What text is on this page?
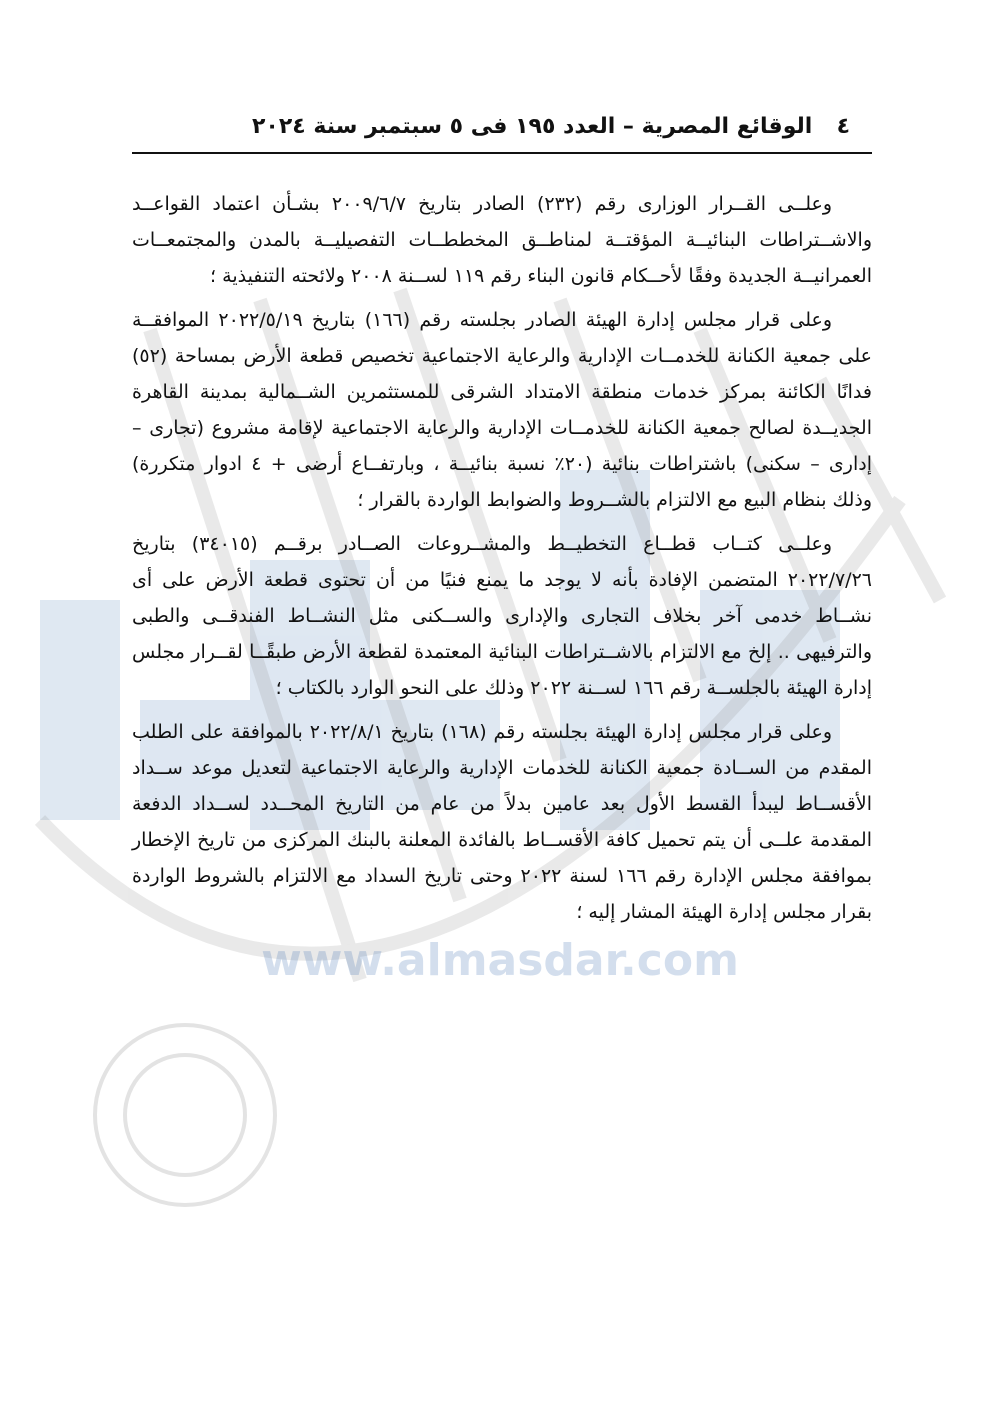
www.almasdar.com
٤
الوقائع المصرية – العدد ١٩٥ فى ٥ سبتمبر سنة ٢٠٢٤

وعلــى القــرار الوزارى رقم (٢٣٢) الصادر بتاريخ ٢٠٠٩/٦/٧ بشـأن اعتماد القواعــد والاشــتراطات البنائيــة المؤقتــة لمناطــق المخططــات التفصيليــة بالمدن والمجتمعــات العمرانيــة الجديدة وفقًا لأحــكام قانون البناء رقم ١١٩ لســنة ٢٠٠٨ ولائحته التنفيذية ؛

وعلى قرار مجلس إدارة الهيئة الصادر بجلسته رقم (١٦٦) بتاريخ ٢٠٢٢/٥/١٩ الموافقــة على جمعية الكنانة للخدمــات الإدارية والرعاية الاجتماعية تخصيص قطعة الأرض بمساحة (٥٢) فدانًا الكائنة بمركز خدمات منطقة الامتداد الشرقى للمستثمرين الشــمالية بمدينة القاهرة الجديــدة لصالح جمعية الكنانة للخدمــات الإدارية والرعاية الاجتماعية لإقامة مشروع (تجارى – إدارى – سكنى) باشتراطات بنائية (٢٠٪ نسبة بنائيــة ، وبارتفــاع أرضى + ٤ ادوار متكررة) وذلك بنظام البيع مع الالتزام بالشــروط والضوابط الواردة بالقرار ؛

وعلــى كتــاب قطــاع التخطيــط والمشــروعات الصــادر برقــم (٣٤٠١٥) بتاريخ ٢٠٢٢/٧/٢٦ المتضمن الإفادة بأنه لا يوجد ما يمنع فنيًا من أن تحتوى قطعة الأرض على أى نشــاط خدمى آخر بخلاف التجارى والإدارى والســكنى مثل النشــاط الفندقــى والطبى والترفيهى .. إلخ مع الالتزام بالاشــتراطات البنائية المعتمدة لقطعة الأرض طبقًــا لقــرار مجلس إدارة الهيئة بالجلســة رقم ١٦٦ لســنة ٢٠٢٢ وذلك على النحو الوارد بالكتاب ؛

وعلى قرار مجلس إدارة الهيئة بجلسته رقم (١٦٨) بتاريخ ٢٠٢٢/٨/١ بالموافقة على الطلب المقدم من الســادة جمعية الكنانة للخدمات الإدارية والرعاية الاجتماعية لتعديل موعد ســداد الأقســاط ليبدأ القسط الأول بعد عامين بدلاً من عام من التاريخ المحــدد لســداد الدفعة المقدمة علــى أن يتم تحميل كافة الأقســاط بالفائدة المعلنة بالبنك المركزى من تاريخ الإخطار بموافقة مجلس الإدارة رقم ١٦٦ لسنة ٢٠٢٢ وحتى تاريخ السداد مع الالتزام بالشروط الواردة بقرار مجلس إدارة الهيئة المشار إليه ؛
